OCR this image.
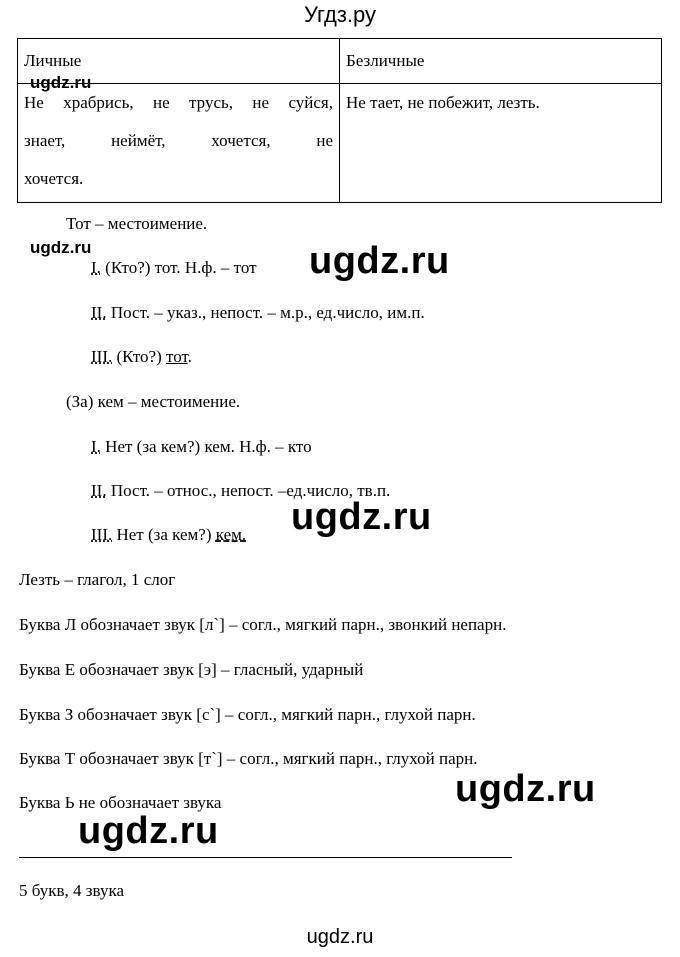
Угдз.ру
Личные	Безличные

Не храбрись, не трусь, не суйся,
знает, неймёт, хочется, не
хочется.	Не тает, не побежит, лезть.
ugdz.ru
Тот – местоимение.
ugdz.ru
I. (Кто?) тот. Н.ф. – тот ugdz.ru
II. Пост. – указ., непост. – м.р., ед.число, им.п.
III. (Кто?) тот.
(За) кем – местоимение.
I. Нет (за кем?) кем. Н.ф. – кто
II. Пост. – относ., непост. –ед.число, тв.п.
ugdz.ru
III. Нет (за кем?) кем.
Лезть – глагол, 1 слог
Буква Л обозначает звук [л`] – согл., мягкий парн., звонкий непарн.
Буква Е обозначает звук [э] – гласный, ударный
Буква З обозначает звук [с`] – согл., мягкий парн., глухой парн.
Буква Т обозначает звук [т`] – согл., мягкий парн., глухой парн.
ugdz.ru
Буква Ь не обозначает звука
ugdz.ru
5 букв, 4 звука
ugdz.ru
